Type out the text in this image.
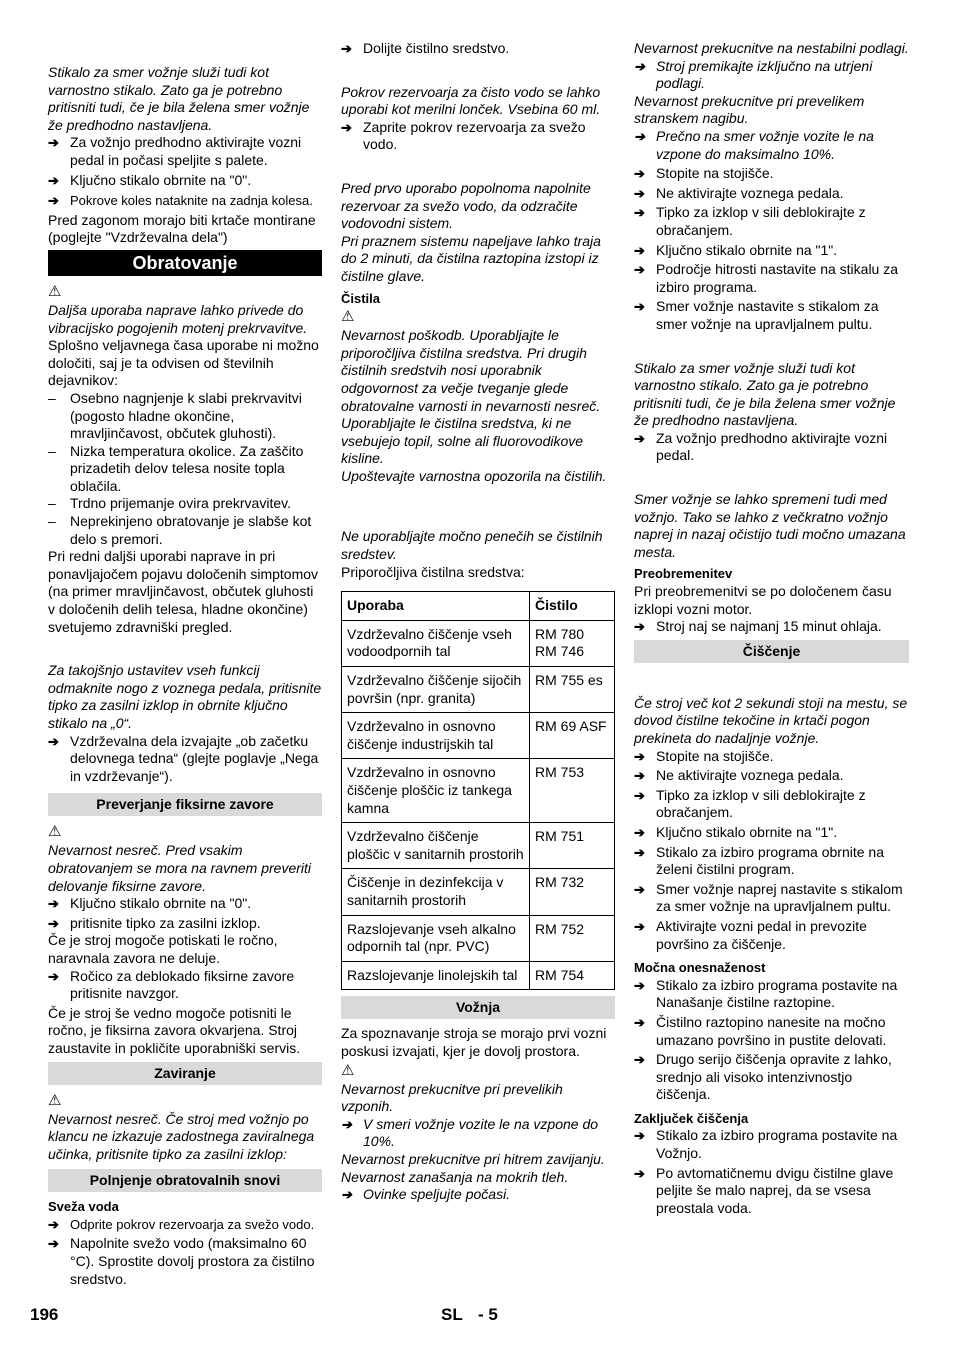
Stikalo za smer vožnje služi tudi kot varnostno stikalo. Zato ga je potrebno pritisniti tudi, če je bila želena smer vožnje že predhodno nastavljena.

➔ Za vožnjo predhodno aktivirajte vozni pedal in počasi speljite s palete.

➔ Ključno stikalo obrnite na "0".

➔ Pokrove koles nataknite na zadnja kolesa.

Pred zagonom morajo biti krtače montirane (poglejte "Vzdrževalna dela")

Obratovanje
⚠

Daljša uporaba naprave lahko privede do vibracijsko pogojenih motenj prekrvavitve.

Splošno veljavnega časa uporabe ni možno določiti, saj je ta odvisen od številnih dejavnikov:

– Osebno nagnjenje k slabi prekrvavitvi (pogosto hladne okončine, mravljinčavost, občutek gluhosti).

– Nizka temperatura okolice. Za zaščito prizadetih delov telesa nosite topla oblačila.

– Trdno prijemanje ovira prekrvavitev.

– Neprekinjeno obratovanje je slabše kot delo s premori.

Pri redni daljši uporabi naprave in pri ponavljajočem pojavu določenih simptomov (na primer mravljinčavost, občutek gluhosti v določenih delih telesa, hladne okončine) svetujemo zdravniški pregled.

Za takojšnjo ustavitev vseh funkcij odmaknite nogo z voznega pedala, pritisnite tipko za zasilni izklop in obrnite ključno stikalo na „0“.

➔ Vzdrževalna dela izvajajte „ob začetku delovnega tedna“ (glejte poglavje „Nega in vzdrževanje“).

Preverjanje fiksirne zavore
⚠

Nevarnost nesreč. Pred vsakim obratovanjem se mora na ravnem preveriti delovanje fiksirne zavore.

➔ Ključno stikalo obrnite na "0".

➔ pritisnite tipko za zasilni izklop.

Če je stroj mogoče potiskati le ročno, naravnala zavora ne deluje.

➔ Ročico za deblokado fiksirne zavore pritisnite navzgor.

Če je stroj še vedno mogoče potisniti le ročno, je fiksirna zavora okvarjena. Stroj zaustavite in pokličite uporabniški servis.

Zaviranje
⚠

Nevarnost nesreč. Če stroj med vožnjo po klancu ne izkazuje zadostnega zaviralnega učinka, pritisnite tipko za zasilni izklop:

Polnjenje obratovalnih snovi

Sveža voda

➔ Odprite pokrov rezervoarja za svežo vodo.

➔ Napolnite svežo vodo (maksimalno 60 °C). Sprostite dovolj prostora za čistilno sredstvo.

➔ Dolijte čistilno sredstvo.

Pokrov rezervoarja za čisto vodo se lahko uporabi kot merilni lonček. Vsebina 60 ml.

➔ Zaprite pokrov rezervoarja za svežo vodo.

Pred prvo uporabo popolnoma napolnite rezervoar za svežo vodo, da odzračite vodovodni sistem.

Pri praznem sistemu napeljave lahko traja do 2 minuti, da čistilna raztopina izstopi iz čistilne glave.

Čistila

⚠

Nevarnost poškodb. Uporabljajte le priporočljiva čistilna sredstva. Pri drugih čistilnih sredstvih nosi uporabnik odgovornost za večje tveganje glede obratovalne varnosti in nevarnosti nesreč.

Uporabljajte le čistilna sredstva, ki ne vsebujejo topil, solne ali fluorovodikove kisline.

Upoštevajte varnostna opozorila na čistilih.

Ne uporabljajte močno penečih se čistilnih sredstev.

Priporočljiva čistilna sredstva:

Uporaba	Čistilo
Vzdrževalno čiščenje vseh vodoodpornih tal	RM 780
RM 746
Vzdrževalno čiščenje sijočih površin (npr. granita)	RM 755 es
Vzdrževalno in osnovno čiščenje industrijskih tal	RM 69 ASF
Vzdrževalno in osnovno čiščenje ploščic iz tankega kamna	RM 753
Vzdrževalno čiščenje ploščic v sanitarnih prostorih	RM 751
Čiščenje in dezinfekcija v sanitarnih prostorih	RM 732
Razslojevanje vseh alkalno odpornih tal (npr. PVC)	RM 752
Razslojevanje linolejskih tal	RM 754
Vožnja

Za spoznavanje stroja se morajo prvi vozni poskusi izvajati, kjer je dovolj prostora.

⚠

Nevarnost prekucnitve pri prevelikih vzponih.

➔ V smeri vožnje vozite le na vzpone do 10%.

Nevarnost prekucnitve pri hitrem zavijanju. Nevarnost zanašanja na mokrih tleh.

➔ Ovinke speljujte počasi.

Nevarnost prekucnitve na nestabilni podlagi.

➔ Stroj premikajte izključno na utrjeni podlagi.

Nevarnost prekucnitve pri prevelikem stranskem nagibu.

➔ Prečno na smer vožnje vozite le na vzpone do maksimalno 10%.

➔ Stopite na stojišče.

➔ Ne aktivirajte voznega pedala.

➔ Tipko za izklop v sili deblokirajte z obračanjem.

➔ Ključno stikalo obrnite na "1".

➔ Področje hitrosti nastavite na stikalu za izbiro programa.

➔ Smer vožnje nastavite s stikalom za smer vožnje na upravljalnem pultu.

Stikalo za smer vožnje služi tudi kot varnostno stikalo. Zato ga je potrebno pritisniti tudi, če je bila želena smer vožnje že predhodno nastavljena.

➔ Za vožnjo predhodno aktivirajte vozni pedal.

Smer vožnje se lahko spremeni tudi med vožnjo. Tako se lahko z večkratno vožnjo naprej in nazaj očistijo tudi močno umazana mesta.

Preobremenitev

Pri preobremenitvi se po določenem času izklopi vozni motor.

➔ Stroj naj se najmanj 15 minut ohlaja.

Čiščenje

Če stroj več kot 2 sekundi stoji na mestu, se dovod čistilne tekočine in krtači pogon prekineta do nadaljnje vožnje.

➔ Stopite na stojišče.

➔ Ne aktivirajte voznega pedala.

➔ Tipko za izklop v sili deblokirajte z obračanjem.

➔ Ključno stikalo obrnite na "1".

➔ Stikalo za izbiro programa obrnite na želeni čistilni program.

➔ Smer vožnje naprej nastavite s stikalom za smer vožnje na upravljalnem pultu.

➔ Aktivirajte vozni pedal in prevozite površino za čiščenje.

Močna onesnaženost

➔ Stikalo za izbiro programa postavite na Nanašanje čistilne raztopine.

➔ Čistilno raztopino nanesite na močno umazano površino in pustite delovati.

➔ Drugo serijo čiščenja opravite z lahko, srednjo ali visoko intenzivnostjo čiščenja.

Zaključek čiščenja

➔ Stikalo za izbiro programa postavite na Vožnjo.

➔ Po avtomatičnemu dvigu čistilne glave peljite še malo naprej, da se vsesa preostala voda.

196	SL - 5
